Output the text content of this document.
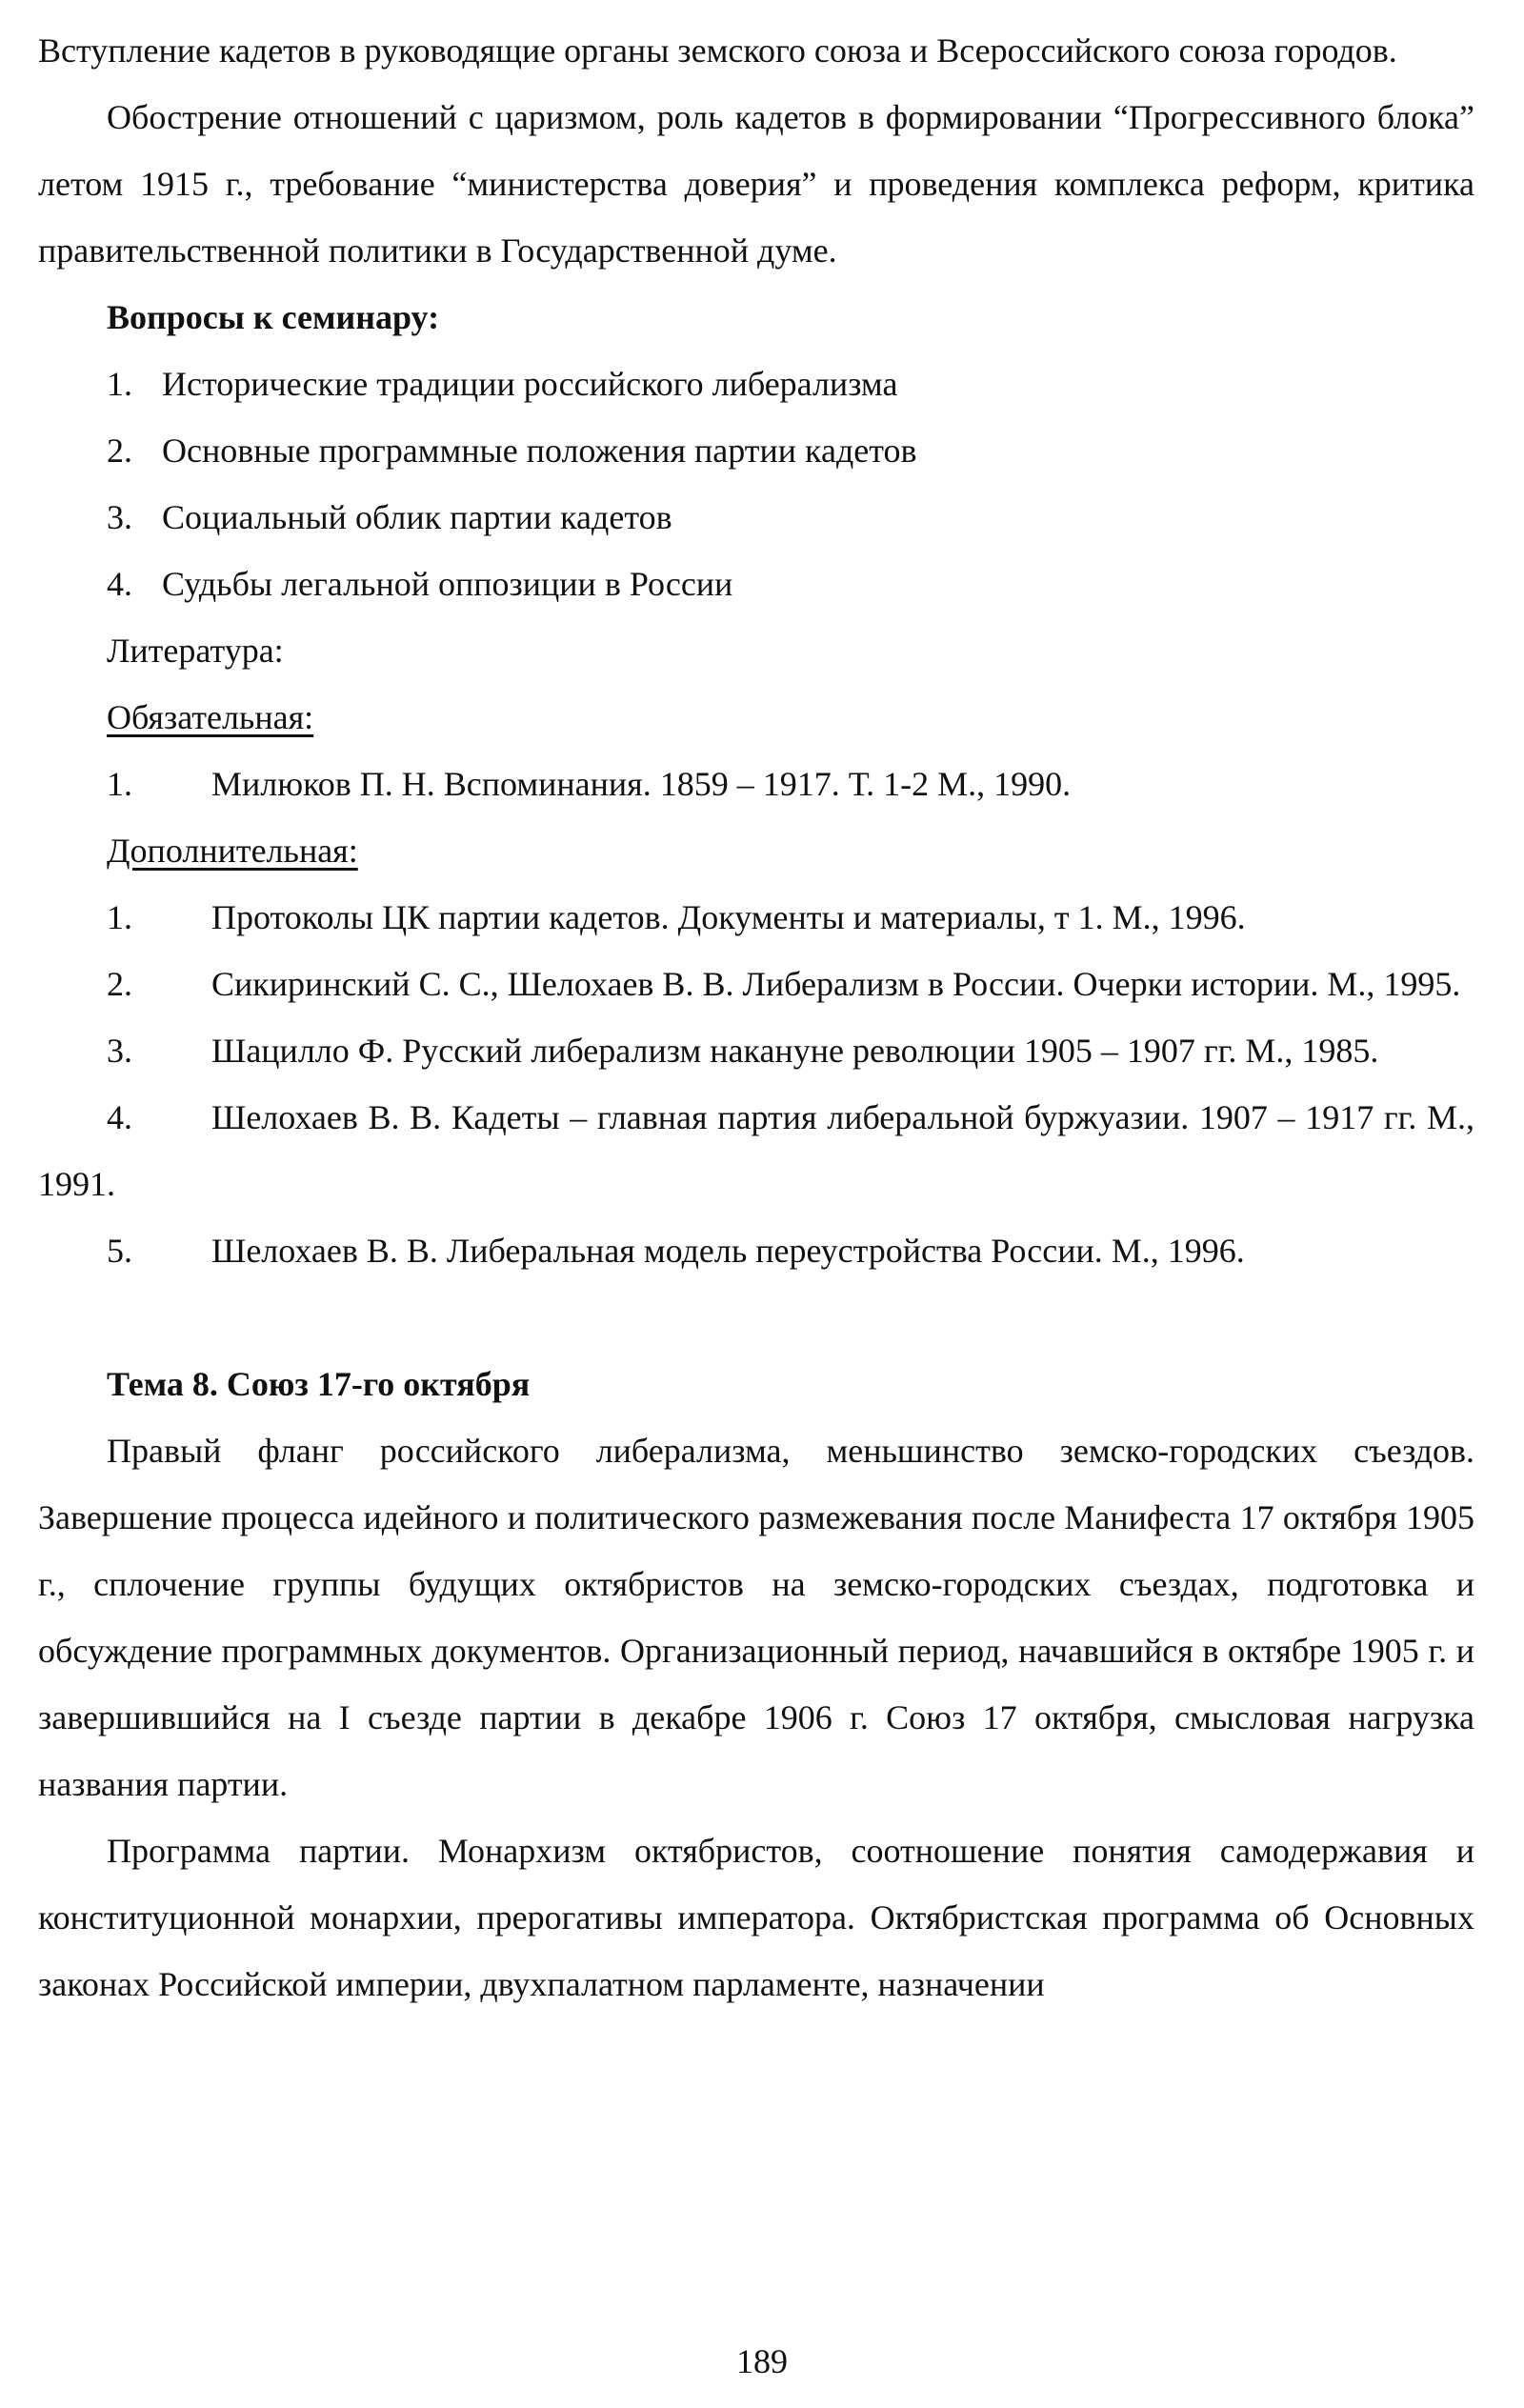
Вступление кадетов в руководящие органы земского союза и Всероссийского союза городов.

Обострение отношений с царизмом, роль кадетов в формировании “Прогрессивного блока” летом 1915 г., требование “министерства доверия” и проведения комплекса реформ, критика правительственной политики в Государственной думе.

Вопросы к семинару:

1. Исторические традиции российского либерализма
2. Основные программные положения партии кадетов
3. Социальный облик партии кадетов
4. Судьбы легальной оппозиции в России

Литература:

Обязательная:

1. Милюков П. Н. Вспоминания. 1859 – 1917. Т. 1-2 М., 1990.

Дополнительная:

1. Протоколы ЦК партии кадетов. Документы и материалы, т 1. М., 1996.

2. Сикиринский С. С., Шелохаев В. В. Либерализм в России. Очерки истории. М., 1995.

3. Шацилло Ф. Русский либерализм накануне революции 1905 – 1907 гг. М., 1985.

4. Шелохаев В. В. Кадеты – главная партия либеральной буржуазии. 1907 – 1917 гг. М., 1991.

5. Шелохаев В. В. Либеральная модель переустройства России. М., 1996.

Тема 8. Союз 17-го октября

Правый фланг российского либерализма, меньшинство земско-городских съездов. Завершение процесса идейного и политического размежевания после Манифеста 17 октября 1905 г., сплочение группы будущих октябристов на земско-городских съездах, подготовка и обсуждение программных документов. Организационный период, начавшийся в октябре 1905 г. и завершившийся на I съезде партии в декабре 1906 г. Союз 17 октября, смысловая нагрузка названия партии.

Программа партии. Монархизм октябристов, соотношение понятия самодержавия и конституционной монархии, прерогативы императора. Октябристская программа об Основных законах Российской империи, двухпалатном парламенте, назначении

189
